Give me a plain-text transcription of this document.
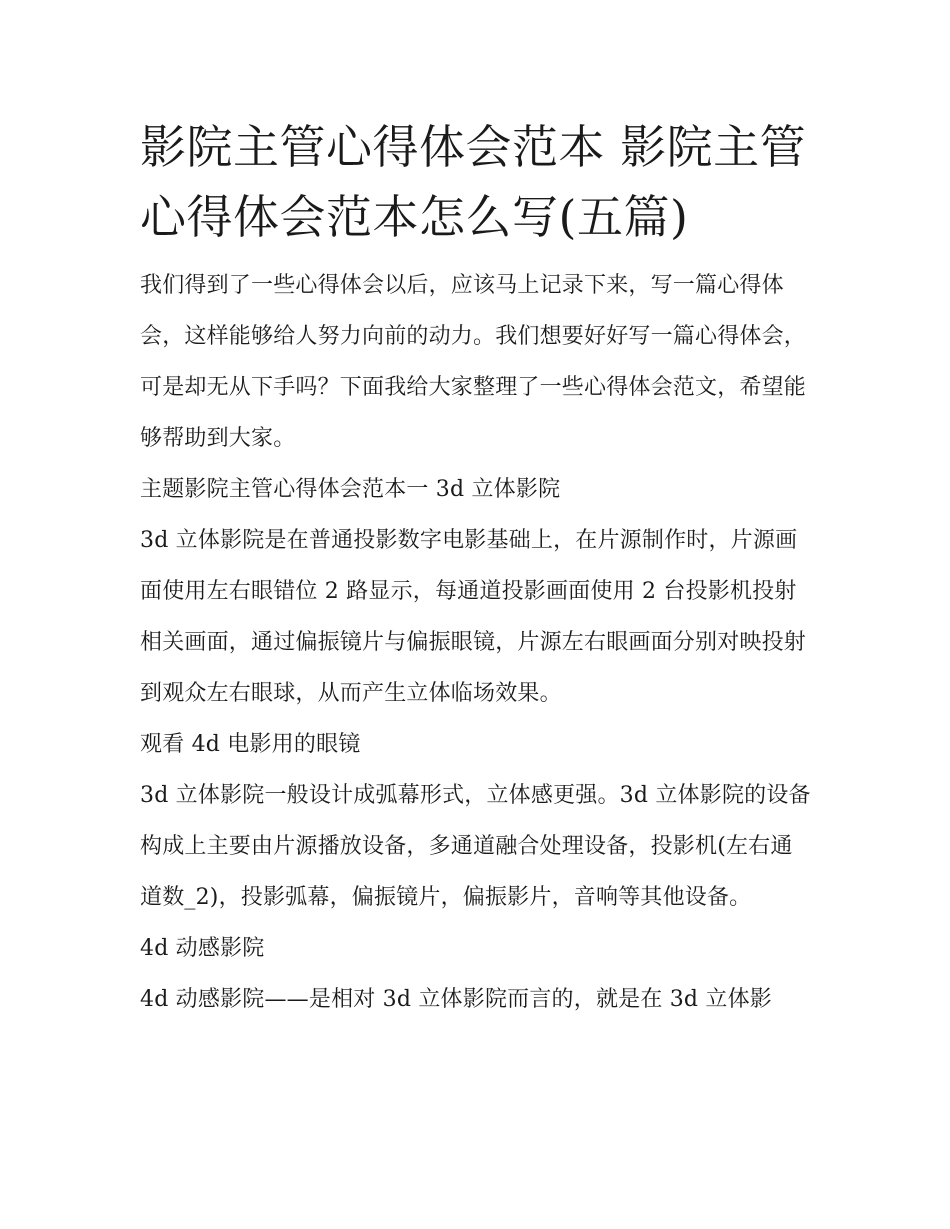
影院主管心得体会范本 影院主管心得体会范本怎么写(五篇)

我们得到了一些心得体会以后，应该马上记录下来，写一篇心得体会，这样能够给人努力向前的动力。我们想要好好写一篇心得体会，可是却无从下手吗？下面我给大家整理了一些心得体会范文，希望能够帮助到大家。

主题影院主管心得体会范本一 3d 立体影院

3d 立体影院是在普通投影数字电影基础上，在片源制作时，片源画面使用左右眼错位 2 路显示，每通道投影画面使用 2 台投影机投射相关画面，通过偏振镜片与偏振眼镜，片源左右眼画面分别对映投射到观众左右眼球，从而产生立体临场效果。

观看 4d 电影用的眼镜

3d 立体影院一般设计成弧幕形式，立体感更强。3d 立体影院的设备构成上主要由片源播放设备，多通道融合处理设备，投影机(左右通道数_2)，投影弧幕，偏振镜片，偏振影片，音响等其他设备。

4d 动感影院

4d 动感影院——是相对 3d 立体影院而言的，就是在 3d 立体影
